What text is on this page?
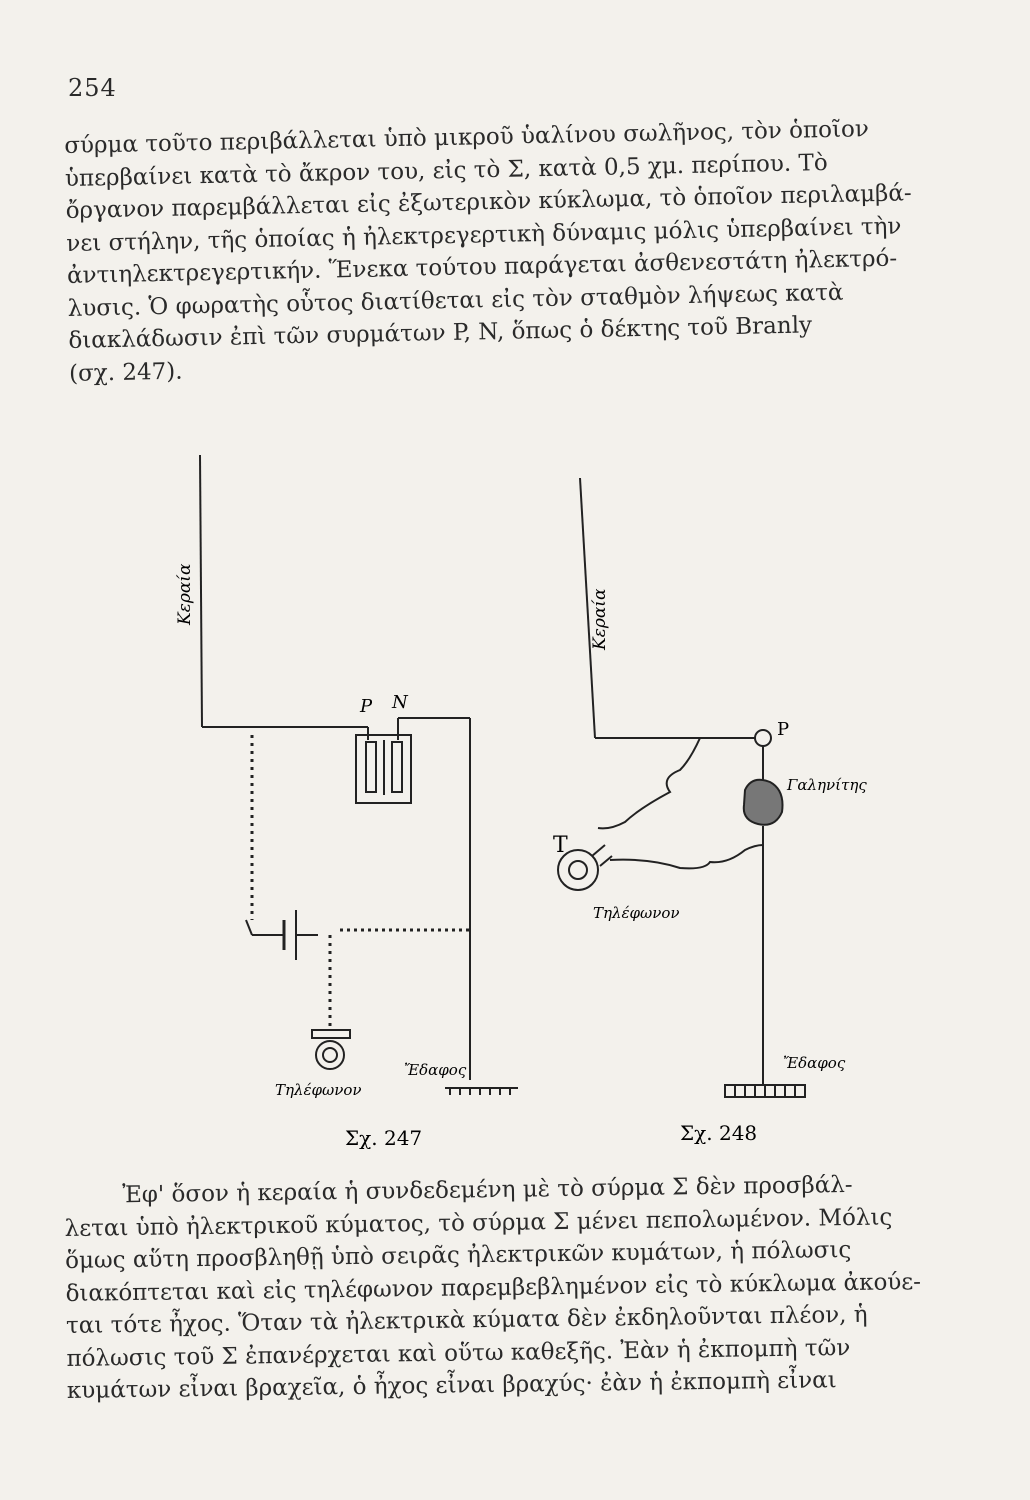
254
σύρμα τοῦτο περιβάλλεται ὑπὸ μικροῦ ὑαλίνου σωλῆνος, τὸν ὁποῖον
ὑπερβαίνει κατὰ τὸ ἄκρον του, εἰς τὸ Σ, κατὰ 0,5 χμ. περίπου. Τὸ
ὄργανον παρεμβάλλεται εἰς ἐξωτερικὸν κύκλωμα, τὸ ὁποῖον περιλαμβά-
νει στήλην, τῆς ὁποίας ἡ ἠλεκτρεγερτικὴ δύναμις μόλις ὑπερβαίνει τὴν
ἀντιηλεκτρεγερτικήν. Ἕνεκα τούτου παράγεται ἀσθενεστάτη ἠλεκτρό-
λυσις. Ὁ φωρατὴς οὗτος διατίθεται εἰς τὸν σταθμὸν λήψεως κατὰ
διακλάδωσιν ἐπὶ τῶν συρμάτων P, N, ὅπως ὁ δέκτης τοῦ Branly
(σχ. 247).
Κεραία
P N
Τηλέφωνον
Ἔδαφος
Σχ. 247
Κεραία
P
Γαληνίτης
T
Τηλέφωνον
Ἔδαφος
Σχ. 248
Ἐφ' ὅσον ἡ κεραία ἡ συνδεδεμένη μὲ τὸ σύρμα Σ δὲν προσβάλ-
λεται ὑπὸ ἠλεκτρικοῦ κύματος, τὸ σύρμα Σ μένει πεπολωμένον. Μόλις
ὅμως αὕτη προσβληθῇ ὑπὸ σειρᾶς ἠλεκτρικῶν κυμάτων, ἡ πόλωσις
διακόπτεται καὶ εἰς τηλέφωνον παρεμβεβλημένον εἰς τὸ κύκλωμα ἀκούε-
ται τότε ἦχος. Ὅταν τὰ ἠλεκτρικὰ κύματα δὲν ἐκδηλοῦνται πλέον, ἡ
πόλωσις τοῦ Σ ἐπανέρχεται καὶ οὕτω καθεξῆς. Ἐὰν ἡ ἐκπομπὴ τῶν
κυμάτων εἶναι βραχεῖα, ὁ ἦχος εἶναι βραχύς· ἐὰν ἡ ἐκπομπὴ εἶναι
